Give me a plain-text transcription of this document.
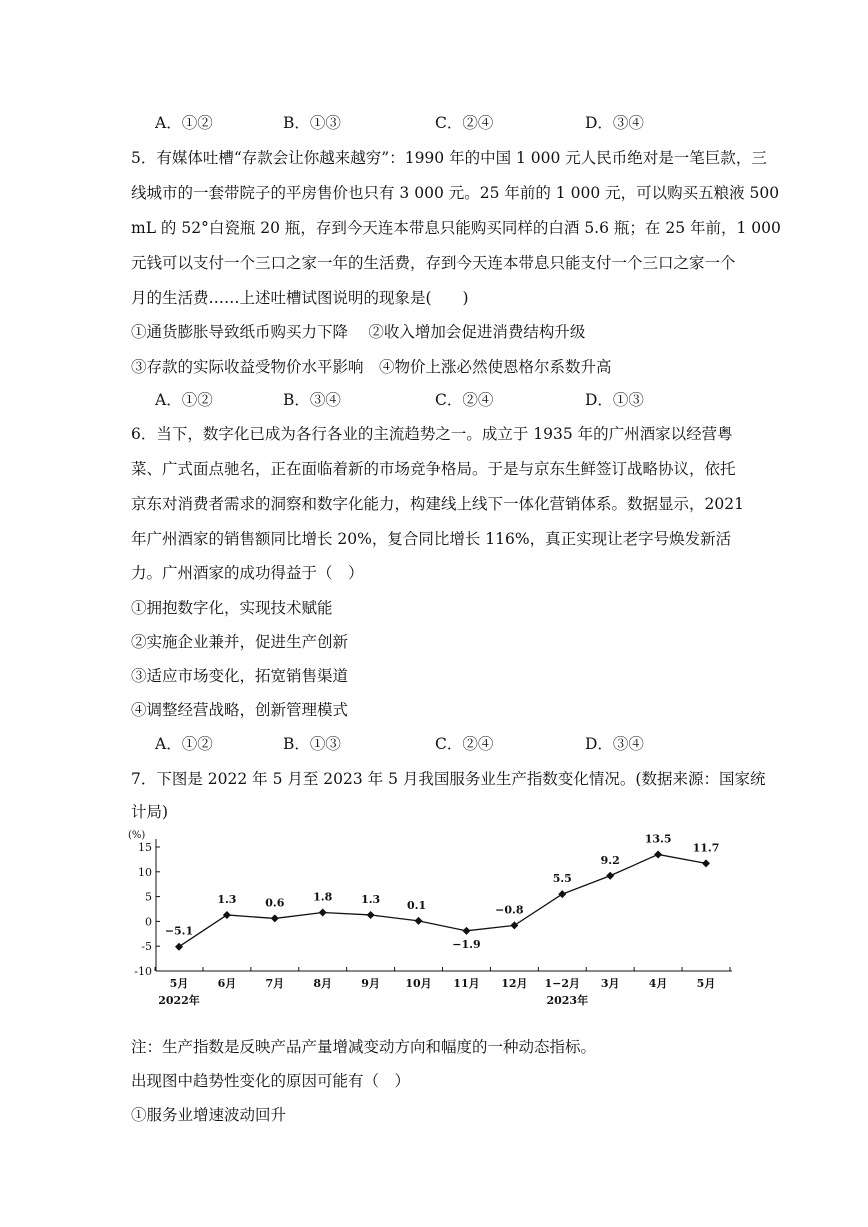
A．①②	B．①③	C．②④	D．③④
5．有媒体吐槽“存款会让你越来越穷”：1990 年的中国 1 000 元人民币绝对是一笔巨款，三
线城市的一套带院子的平房售价也只有 3 000 元。25 年前的 1 000 元，可以购买五粮液 500
mL 的 52°白瓷瓶 20 瓶，存到今天连本带息只能购买同样的白酒 5.6 瓶；在 25 年前，1 000
元钱可以支付一个三口之家一年的生活费，存到今天连本带息只能支付一个三口之家一个
月的生活费……上述吐槽试图说明的现象是(　　)
①通货膨胀导致纸币购买力下降　 ②收入增加会促进消费结构升级
③存款的实际收益受物价水平影响　④物价上涨必然使恩格尔系数升高
A．①②	B．③④	C．②④	D．①③
6．当下，数字化已成为各行各业的主流趋势之一。成立于 1935 年的广州酒家以经营粤
菜、广式面点驰名，正在面临着新的市场竞争格局。于是与京东生鲜签订战略协议，依托
京东对消费者需求的洞察和数字化能力，构建线上线下一体化营销体系。数据显示，2021
年广州酒家的销售额同比增长 20%，复合同比增长 116%，真正实现让老字号焕发新活
力。广州酒家的成功得益于（　）
①拥抱数字化，实现技术赋能
②实施企业兼并，促进生产创新
③适应市场变化，拓宽销售渠道
④调整经营战略，创新管理模式
A．①②	B．①③	C．②④	D．③④
7．下图是 2022 年 5 月至 2023 年 5 月我国服务业生产指数变化情况。(数据来源：国家统
计局)
(%)
-10
-5
0
5
10
15
5月	6月	7月	8月	9月 10月 11月 12月 1−2月 3月	4月	5月
2022年	2023年
−5.1
1.3	0.6	1.8	1.3 0.1
−1.9
−0.8
5.5
9.2
13.5
11.7
注：生产指数是反映产品产量增减变动方向和幅度的一种动态指标。
出现图中趋势性变化的原因可能有（　）
①服务业增速波动回升
